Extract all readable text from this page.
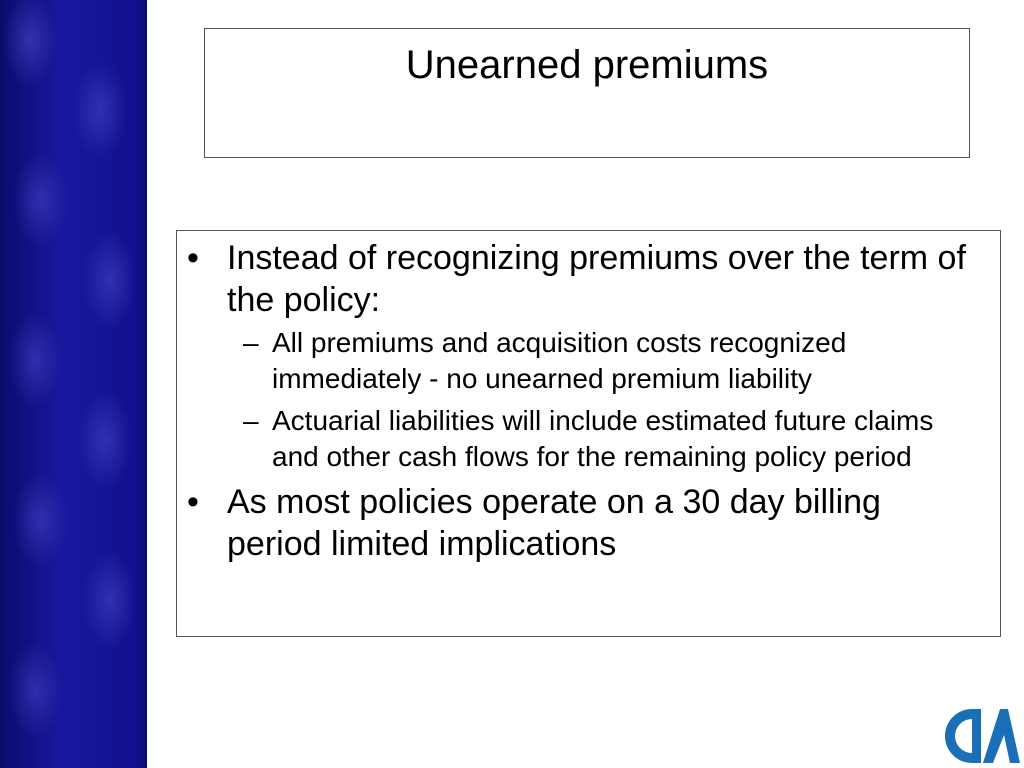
Unearned premiums
• Instead of recognizing premiums over the term of the policy:
– All premiums and acquisition costs recognized immediately - no unearned premium liability
– Actuarial liabilities will include estimated future claims and other cash flows for the remaining policy period
• As most policies operate on a 30 day billing period limited implications
